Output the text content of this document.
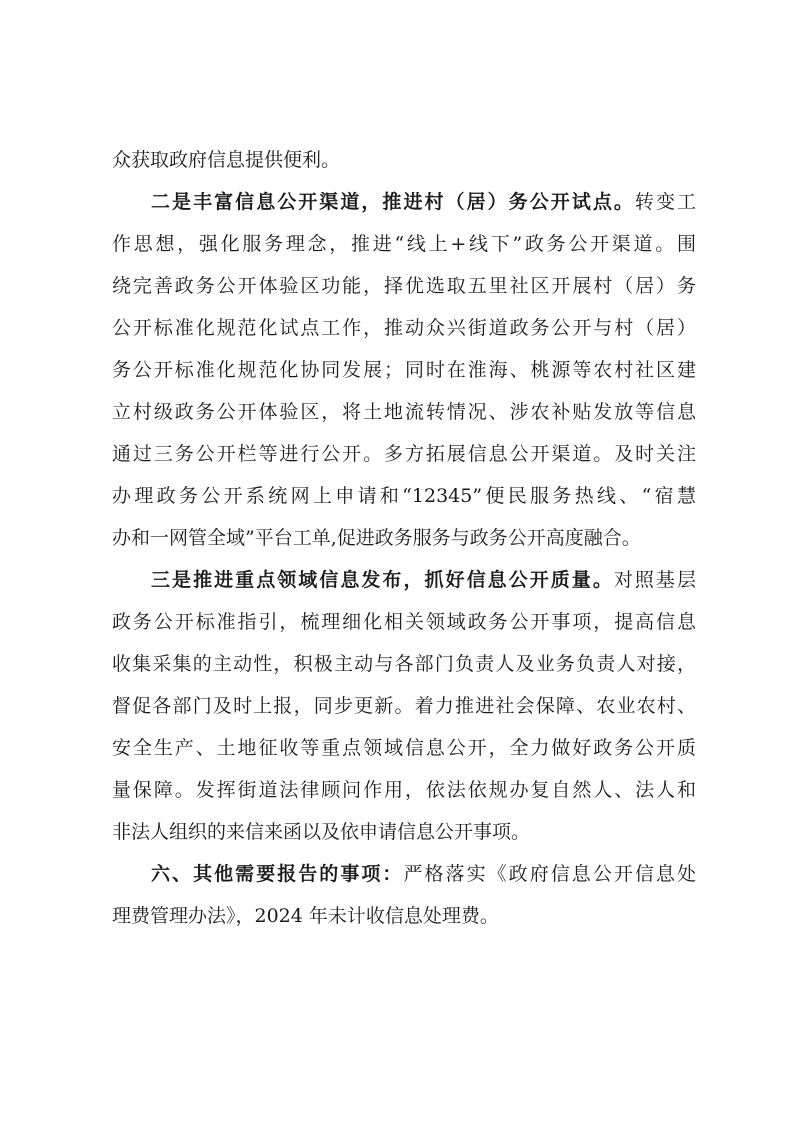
众获取政府信息提供便利。
二是丰富信息公开渠道，推进村（居）务公开试点。转变工
作思想，强化服务理念，推进“线上+线下”政务公开渠道。围
绕完善政务公开体验区功能，择优选取五里社区开展村（居）务
公开标准化规范化试点工作，推动众兴街道政务公开与村（居）
务公开标准化规范化协同发展；同时在淮海、桃源等农村社区建
立村级政务公开体验区，将土地流转情况、涉农补贴发放等信息
通过三务公开栏等进行公开。多方拓展信息公开渠道。及时关注
办理政务公开系统网上申请和“12345”便民服务热线、“宿慧
办和一网管全域”平台工单,促进政务服务与政务公开高度融合。
三是推进重点领域信息发布，抓好信息公开质量。对照基层
政务公开标准指引，梳理细化相关领域政务公开事项，提高信息
收集采集的主动性，积极主动与各部门负责人及业务负责人对接，
督促各部门及时上报，同步更新。着力推进社会保障、农业农村、
安全生产、土地征收等重点领域信息公开，全力做好政务公开质
量保障。发挥街道法律顾问作用，依法依规办复自然人、法人和
非法人组织的来信来函以及依申请信息公开事项。
六、其他需要报告的事项：严格落实《政府信息公开信息处
理费管理办法》，2024 年未计收信息处理费。
